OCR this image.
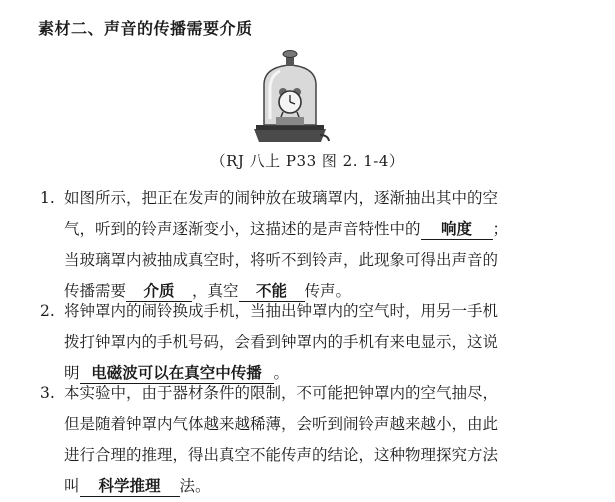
素材二、声音的传播需要介质
（RJ 八上 P33 图 2. 1-4）
1. 如图所示，把正在发声的闹钟放在玻璃罩内，逐渐抽出其中的空
气，听到的铃声逐渐变小，这描述的是声音特性中的 响度 ；
当玻璃罩内被抽成真空时，将听不到铃声，此现象可得出声音的
传播需要 介质 ，真空 不能 传声。
2. 将钟罩内的闹铃换成手机，当抽出钟罩内的空气时，用另一手机
拨打钟罩内的手机号码，会看到钟罩内的手机有来电显示，这说
明 电磁波可以在真空中传播 。
3. 本实验中，由于器材条件的限制，不可能把钟罩内的空气抽尽，
但是随着钟罩内气体越来越稀薄，会听到闹铃声越来越小，由此
进行合理的推理，得出真空不能传声的结论，这种物理探究方法
叫 科学推理 法。
